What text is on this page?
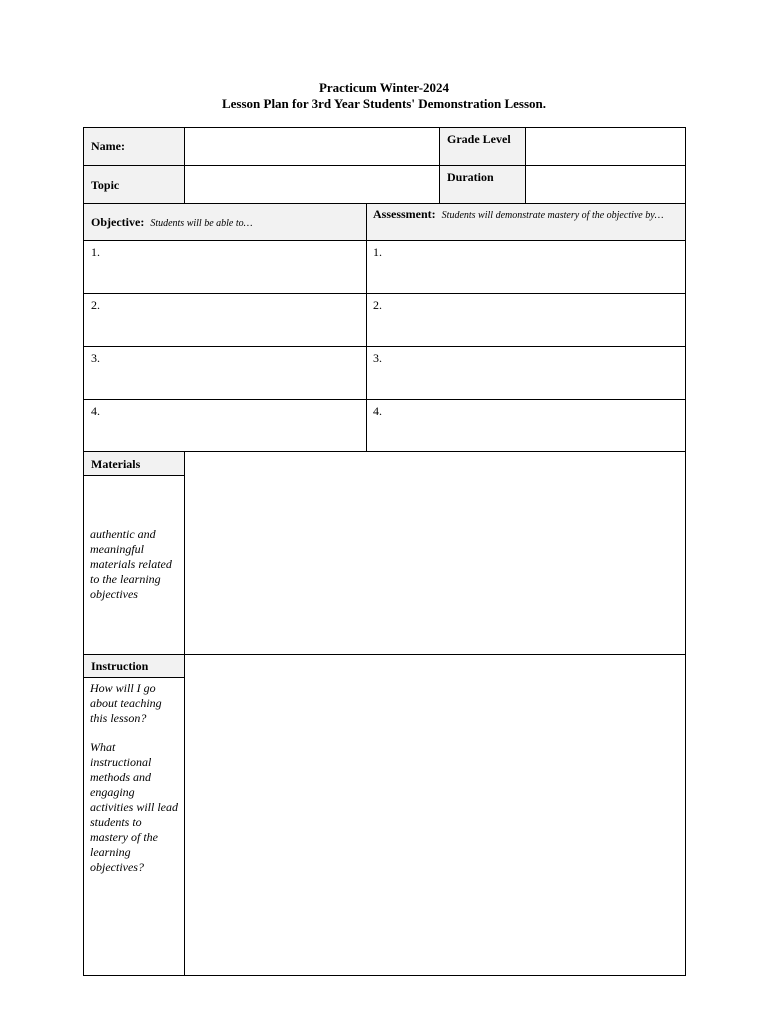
Practicum Winter-2024
Lesson Plan for 3rd Year Students' Demonstration Lesson.
Name:	Grade Level
Topic
Duration
Objective: Students will be able to…
Assessment: Students will demonstrate mastery of the objective by…
1.
2.
3.
4.
1.
2.
3.
4.
Materials
authentic and meaningful materials related to the learning objectives
Instruction
How will I go about teaching this lesson?
What instructional methods and engaging activities will lead students to mastery of the learning objectives?
